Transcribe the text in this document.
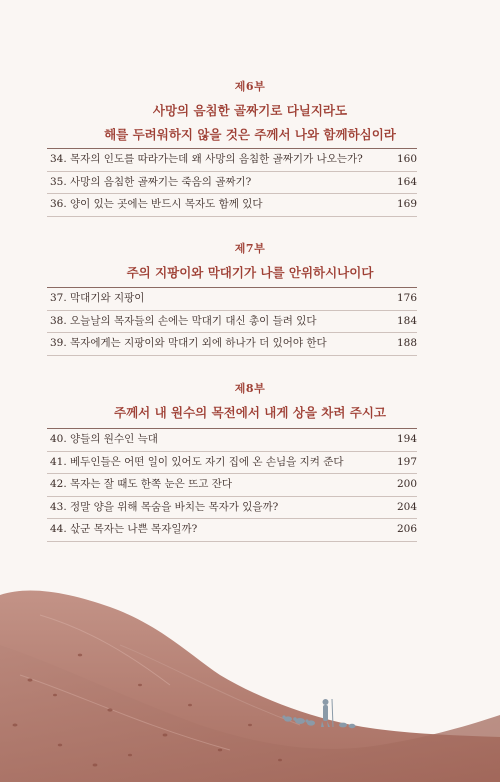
제6부
사망의 음침한 골짜기로 다닐지라도
해를 두려워하지 않을 것은 주께서 나와 함께하심이라
34. 목자의 인도를 따라가는데 왜 사망의 음침한 골짜기가 나오는가?	160
35. 사망의 음침한 골짜기는 죽음의 골짜기?	164
36. 양이 있는 곳에는 반드시 목자도 함께 있다	169
제7부
주의 지팡이와 막대기가 나를 안위하시나이다
37. 막대기와 지팡이	176
38. 오늘날의 목자들의 손에는 막대기 대신 총이 들려 있다	184
39. 목자에게는 지팡이와 막대기 외에 하나가 더 있어야 한다	188
제8부
주께서 내 원수의 목전에서 내게 상을 차려 주시고
40. 양들의 원수인 늑대	194
41. 베두인들은 어떤 일이 있어도 자기 집에 온 손님을 지켜 준다	197
42. 목자는 잘 때도 한쪽 눈은 뜨고 잔다	200
43. 정말 양을 위해 목숨을 바치는 목자가 있을까?	204
44. 삯군 목자는 나쁜 목자일까?	206
